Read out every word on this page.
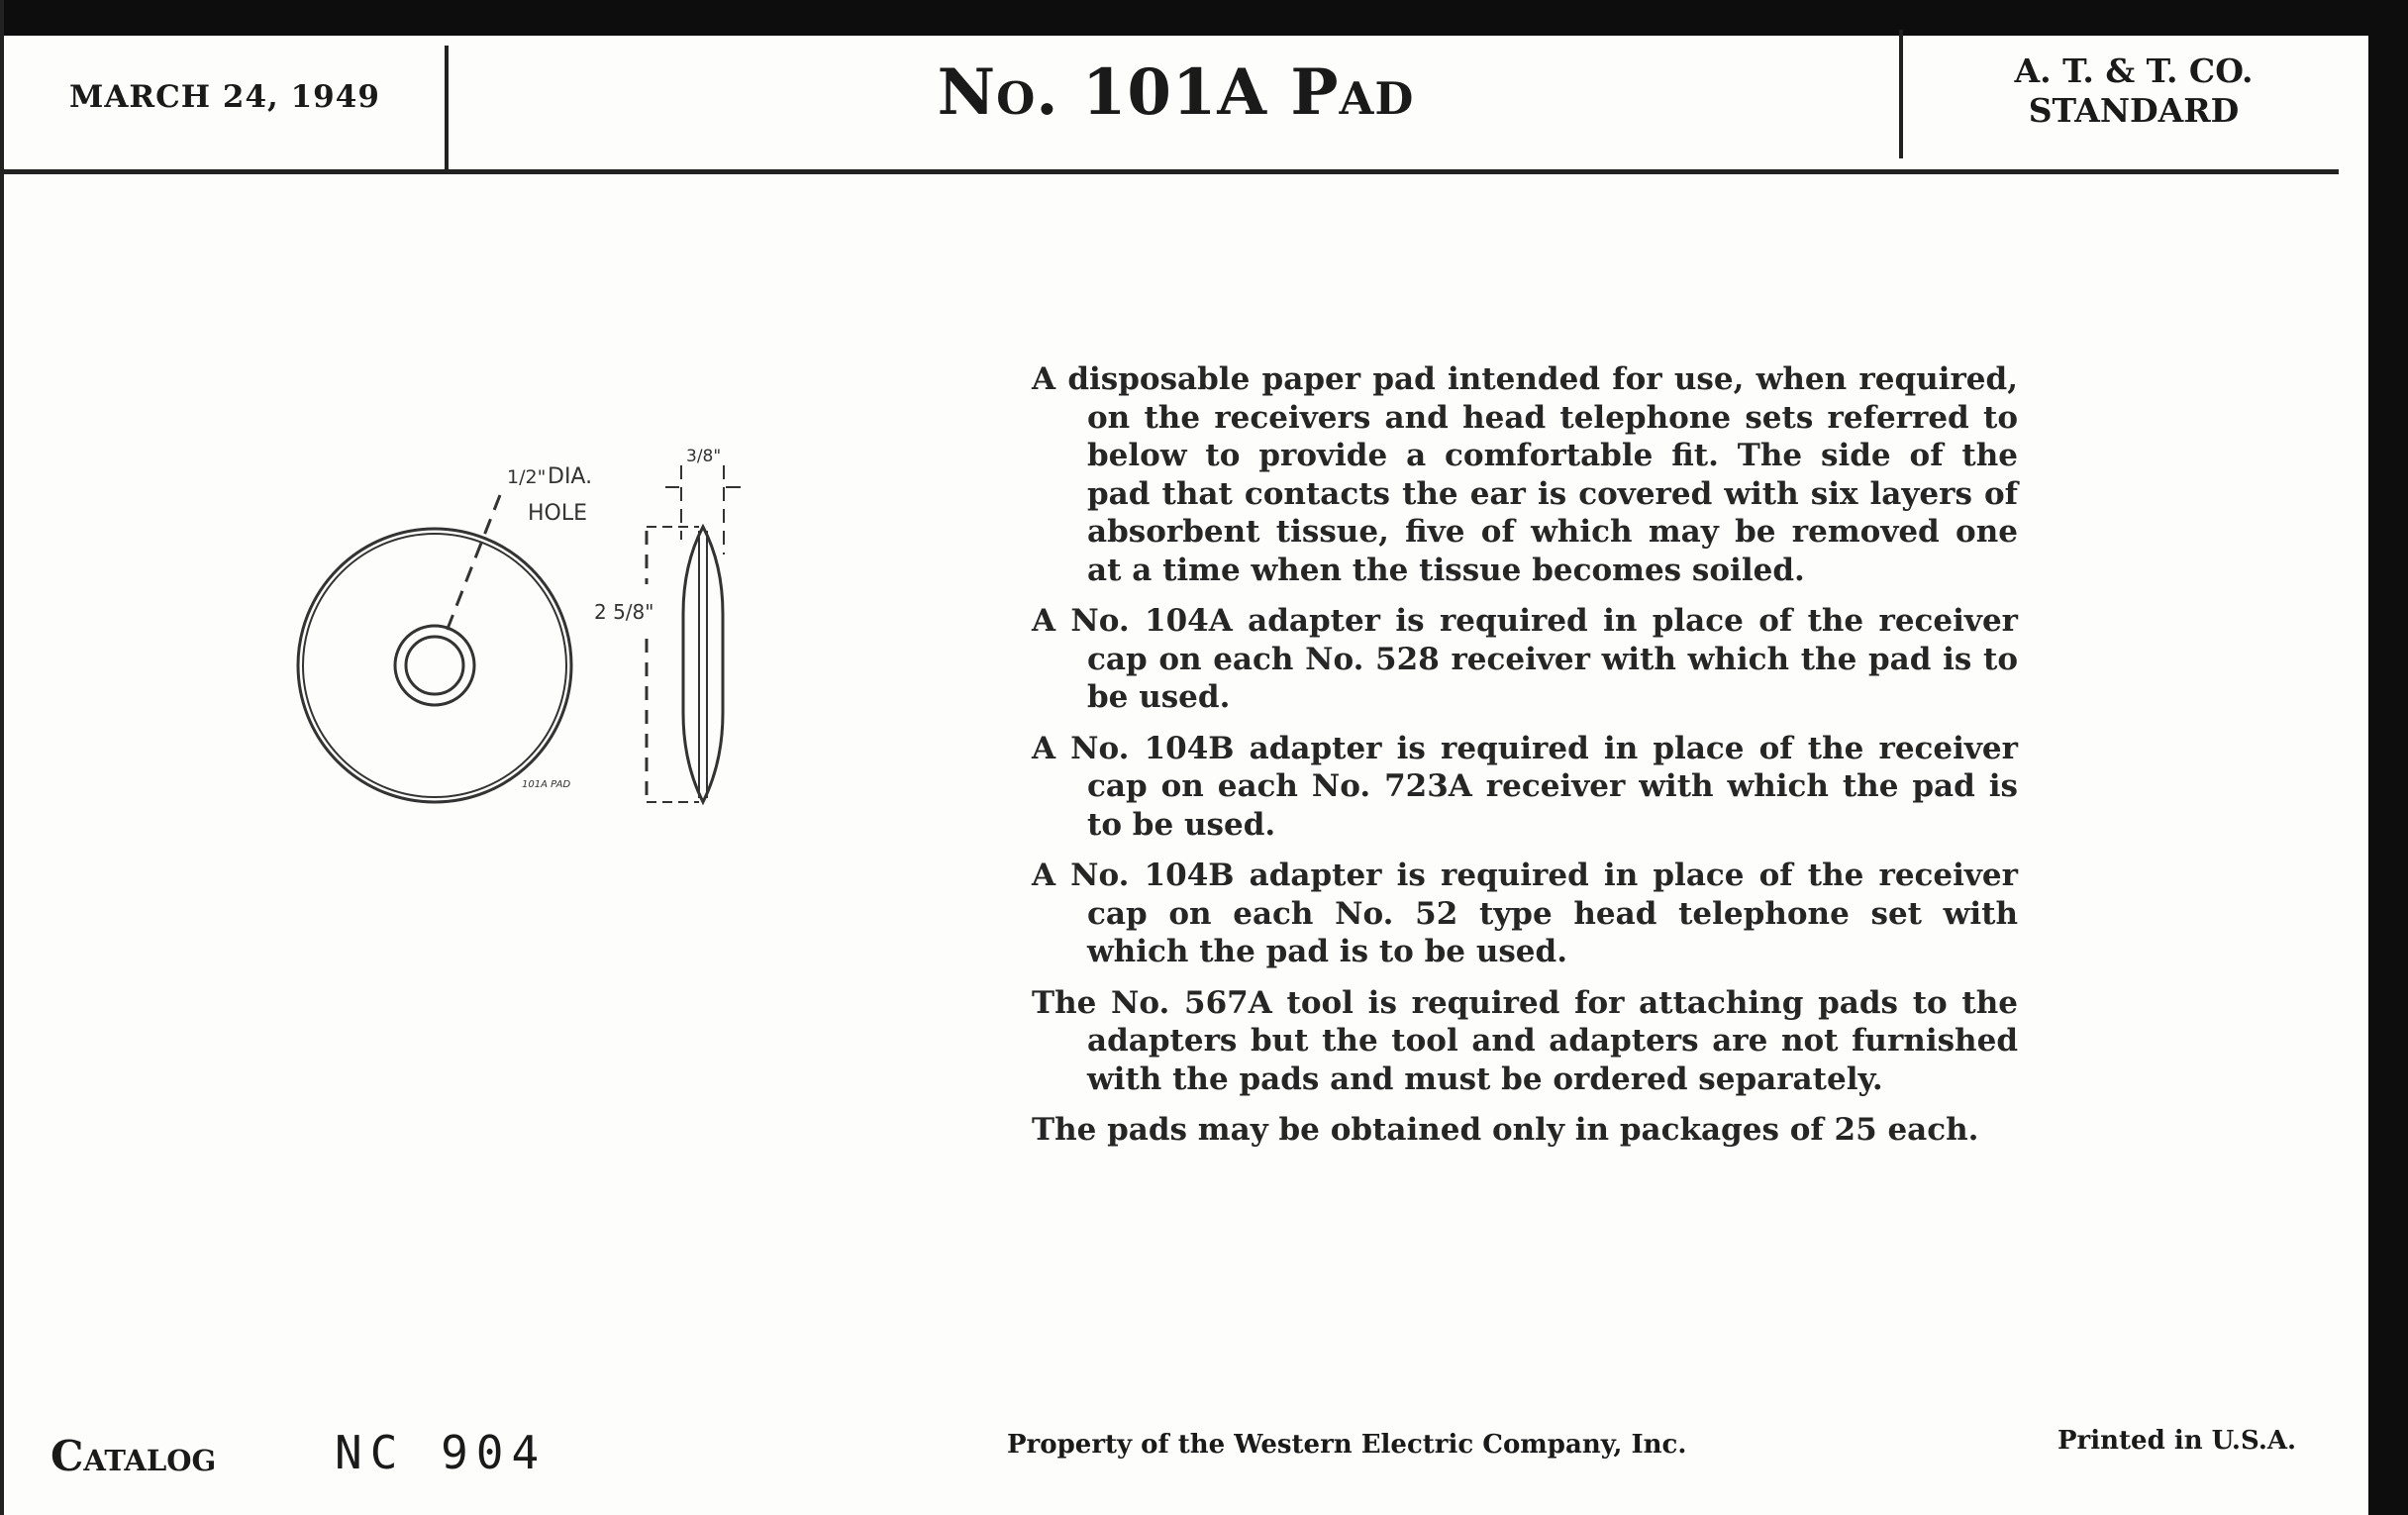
MARCH 24, 1949	No. 101A Pad	A. T. & T. CO.
STANDARD
1/2" DIA.
HOLE
3/8"
2 5/8"
101A PAD

A disposable paper pad intended for use, when required, on the receivers and head telephone sets referred to below to provide a comfortable fit. The side of the pad that contacts the ear is covered with six layers of absorbent tissue, five of which may be removed one at a time when the tissue becomes soiled.

A No. 104A adapter is required in place of the receiver cap on each No. 528 receiver with which the pad is to be used.

A No. 104B adapter is required in place of the receiver cap on each No. 723A receiver with which the pad is to be used.

A No. 104B adapter is required in place of the receiver cap on each No. 52 type head telephone set with which the pad is to be used.

The No. 567A tool is required for attaching pads to the adapters but the tool and adapters are not furnished with the pads and must be ordered separately.

The pads may be obtained only in packages of 25 each.

Catalog	NC 904	Property of the Western Electric Company, Inc.	Printed in U.S.A.
